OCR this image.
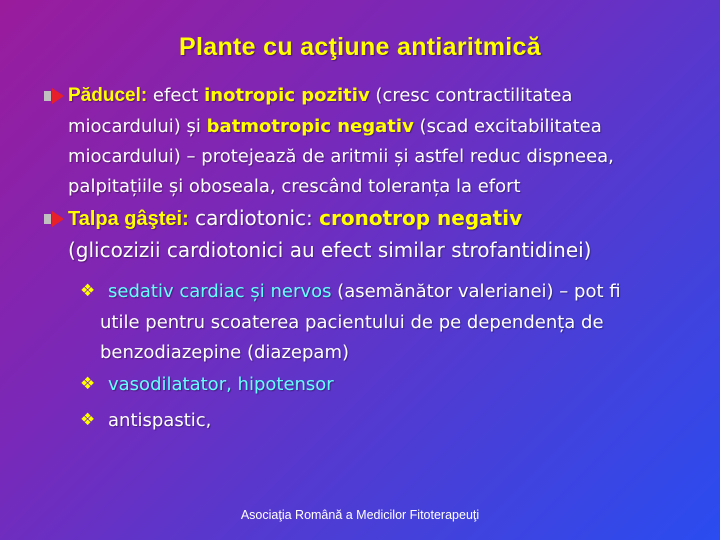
Plante cu acţiune antiaritmică
Păducel: efect inotropic pozitiv (cresc contractilitatea
miocardului) și batmotropic negativ (scad excitabilitatea
miocardului) – protejează de aritmii și astfel reduc dispneea,
palpitațiile și oboseala, crescând toleranța la efort
Talpa gâştei: cardiotonic: cronotrop negativ
(glicozizii cardiotonici au efect similar strofantidinei)
❖ sedativ cardiac și nervos (asemănător valerianei) – pot fi
utile pentru scoaterea pacientului de pe dependența de
benzodiazepine (diazepam)
❖ vasodilatator, hipotensor
❖ antispastic,
Asociaţia Română a Medicilor Fitoterapeuţi
